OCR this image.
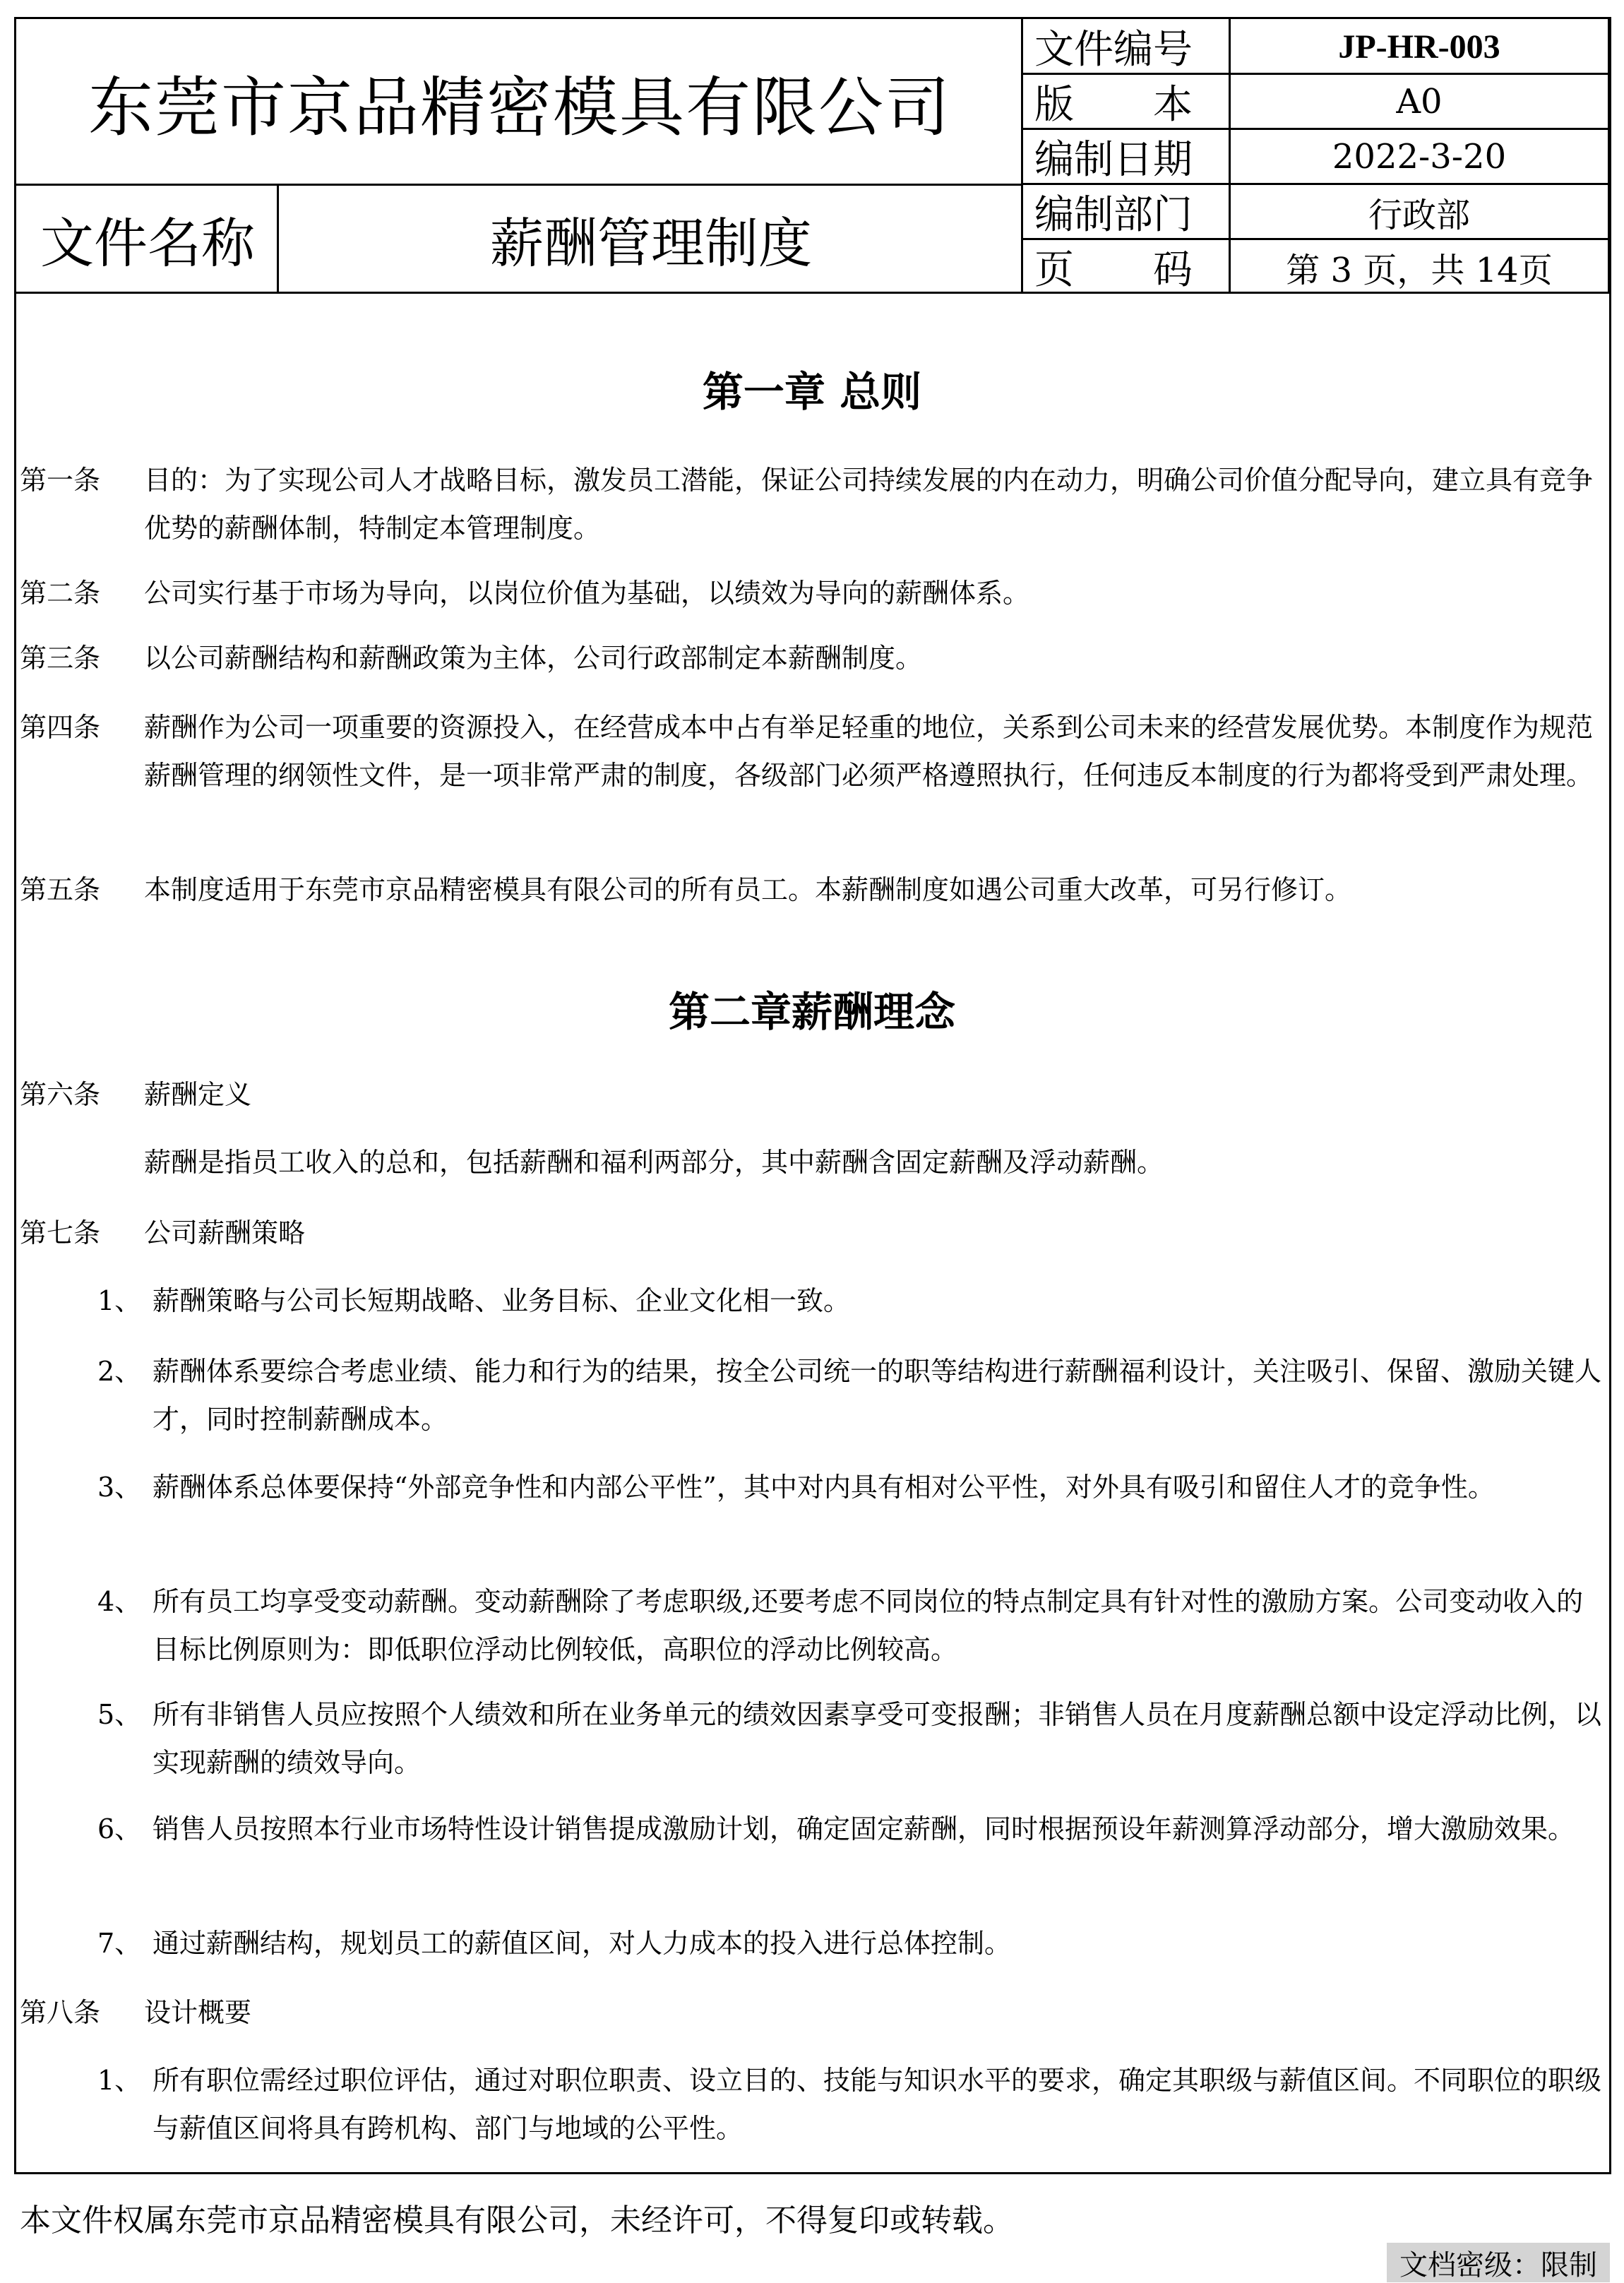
东莞市京品精密模具有限公司
文件名称	薪酬管理制度
文件编号	JP-HR-003
版　　本	A0
编制日期	2022-3-20
编制部门	行政部
页　　码	第 3 页，共 14页
第一章 总则
第一条 目的：为了实现公司人才战略目标，激发员工潜能，保证公司持续发展的内在动力，明确公司价值分配导向，建立具有竞争优势的薪酬体制，特制定本管理制度。
第二条 公司实行基于市场为导向，以岗位价值为基础，以绩效为导向的薪酬体系。
第三条 以公司薪酬结构和薪酬政策为主体，公司行政部制定本薪酬制度。
第四条 薪酬作为公司一项重要的资源投入，在经营成本中占有举足轻重的地位，关系到公司未来的经营发展优势。本制度作为规范薪酬管理的纲领性文件，是一项非常严肃的制度，各级部门必须严格遵照执行，任何违反本制度的行为都将受到严肃处理。
第五条 本制度适用于东莞市京品精密模具有限公司的所有员工。本薪酬制度如遇公司重大改革，可另行修订。
第二章薪酬理念
第六条 薪酬定义
薪酬是指员工收入的总和，包括薪酬和福利两部分，其中薪酬含固定薪酬及浮动薪酬。
第七条 公司薪酬策略
1、 薪酬策略与公司长短期战略、业务目标、企业文化相一致。
2、 薪酬体系要综合考虑业绩、能力和行为的结果，按全公司统一的职等结构进行薪酬福利设计，关注吸引、保留、激励关键人才，同时控制薪酬成本。
3、 薪酬体系总体要保持“外部竞争性和内部公平性”，其中对内具有相对公平性，对外具有吸引和留住人才的竞争性。
4、 所有员工均享受变动薪酬。变动薪酬除了考虑职级,还要考虑不同岗位的特点制定具有针对性的激励方案。公司变动收入的目标比例原则为：即低职位浮动比例较低，高职位的浮动比例较高。
5、 所有非销售人员应按照个人绩效和所在业务单元的绩效因素享受可变报酬；非销售人员在月度薪酬总额中设定浮动比例，以实现薪酬的绩效导向。
6、 销售人员按照本行业市场特性设计销售提成激励计划，确定固定薪酬，同时根据预设年薪测算浮动部分，增大激励效果。
7、 通过薪酬结构，规划员工的薪值区间，对人力成本的投入进行总体控制。
第八条 设计概要
1、 所有职位需经过职位评估，通过对职位职责、设立目的、技能与知识水平的要求，确定其职级与薪值区间。不同职位的职级与薪值区间将具有跨机构、部门与地域的公平性。
本文件权属东莞市京品精密模具有限公司，未经许可，不得复印或转载。
文档密级：限制
